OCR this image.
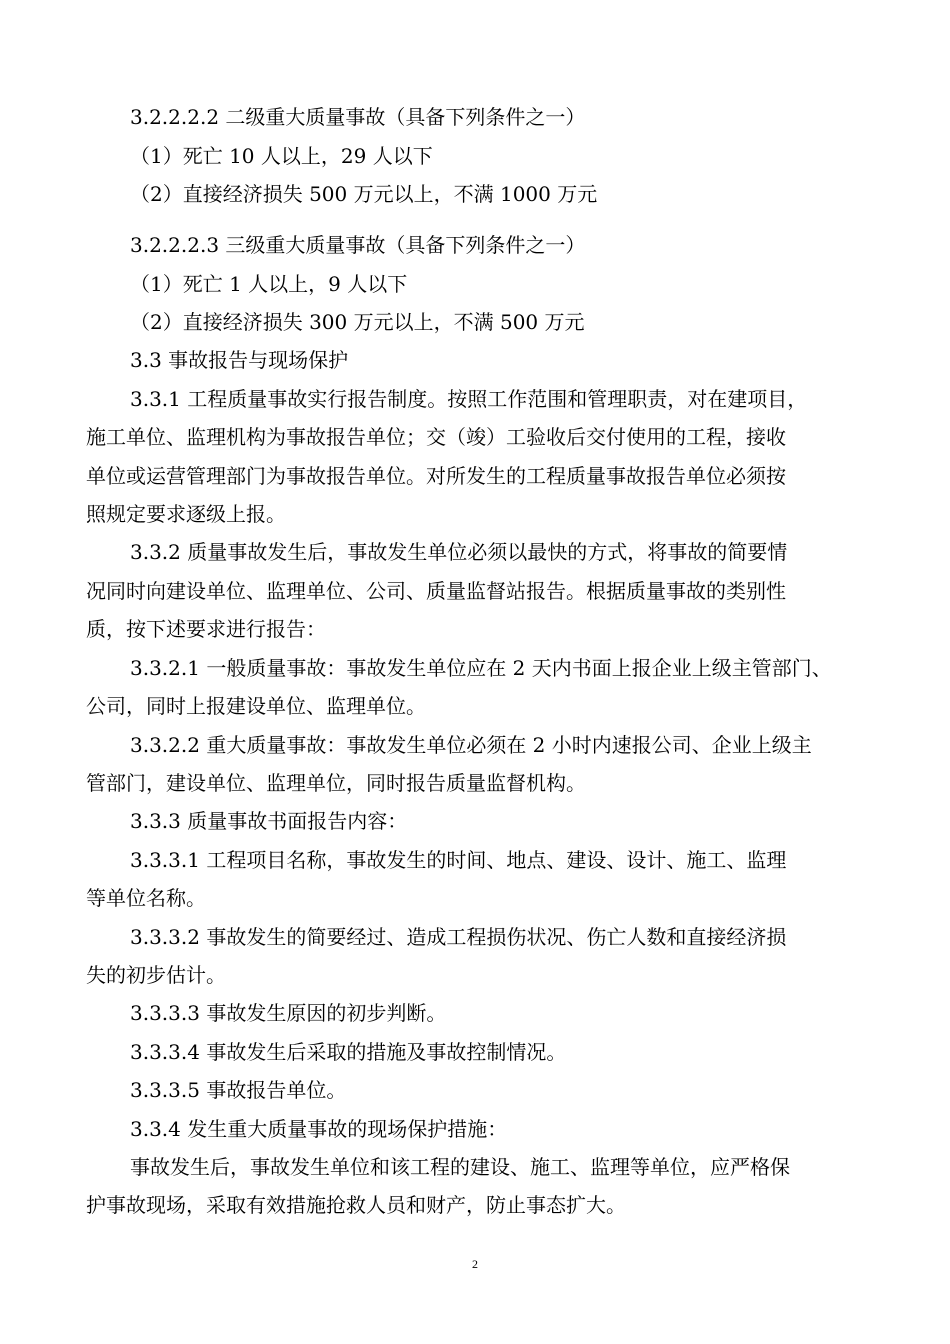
3.2.2.2.2 二级重大质量事故（具备下列条件之一）
（1）死亡 10 人以上，29 人以下
（2）直接经济损失 500 万元以上，不满 1000 万元
3.2.2.2.3 三级重大质量事故（具备下列条件之一）
（1）死亡 1 人以上，9 人以下
（2）直接经济损失 300 万元以上，不满 500 万元
3.3 事故报告与现场保护
3.3.1 工程质量事故实行报告制度。按照工作范围和管理职责，对在建项目，
施工单位、监理机构为事故报告单位；交（竣）工验收后交付使用的工程，接收
单位或运营管理部门为事故报告单位。对所发生的工程质量事故报告单位必须按
照规定要求逐级上报。
3.3.2 质量事故发生后，事故发生单位必须以最快的方式，将事故的简要情
况同时向建设单位、监理单位、公司、质量监督站报告。根据质量事故的类别性
质，按下述要求进行报告：
3.3.2.1 一般质量事故：事故发生单位应在 2 天内书面上报企业上级主管部门、
公司，同时上报建设单位、监理单位。
3.3.2.2 重大质量事故：事故发生单位必须在 2 小时内速报公司、企业上级主
管部门，建设单位、监理单位，同时报告质量监督机构。
3.3.3 质量事故书面报告内容：
3.3.3.1 工程项目名称，事故发生的时间、地点、建设、设计、施工、监理
等单位名称。
3.3.3.2 事故发生的简要经过、造成工程损伤状况、伤亡人数和直接经济损
失的初步估计。
3.3.3.3 事故发生原因的初步判断。
3.3.3.4 事故发生后采取的措施及事故控制情况。
3.3.3.5 事故报告单位。
3.3.4 发生重大质量事故的现场保护措施：
事故发生后，事故发生单位和该工程的建设、施工、监理等单位，应严格保
护事故现场，采取有效措施抢救人员和财产，防止事态扩大。
2
